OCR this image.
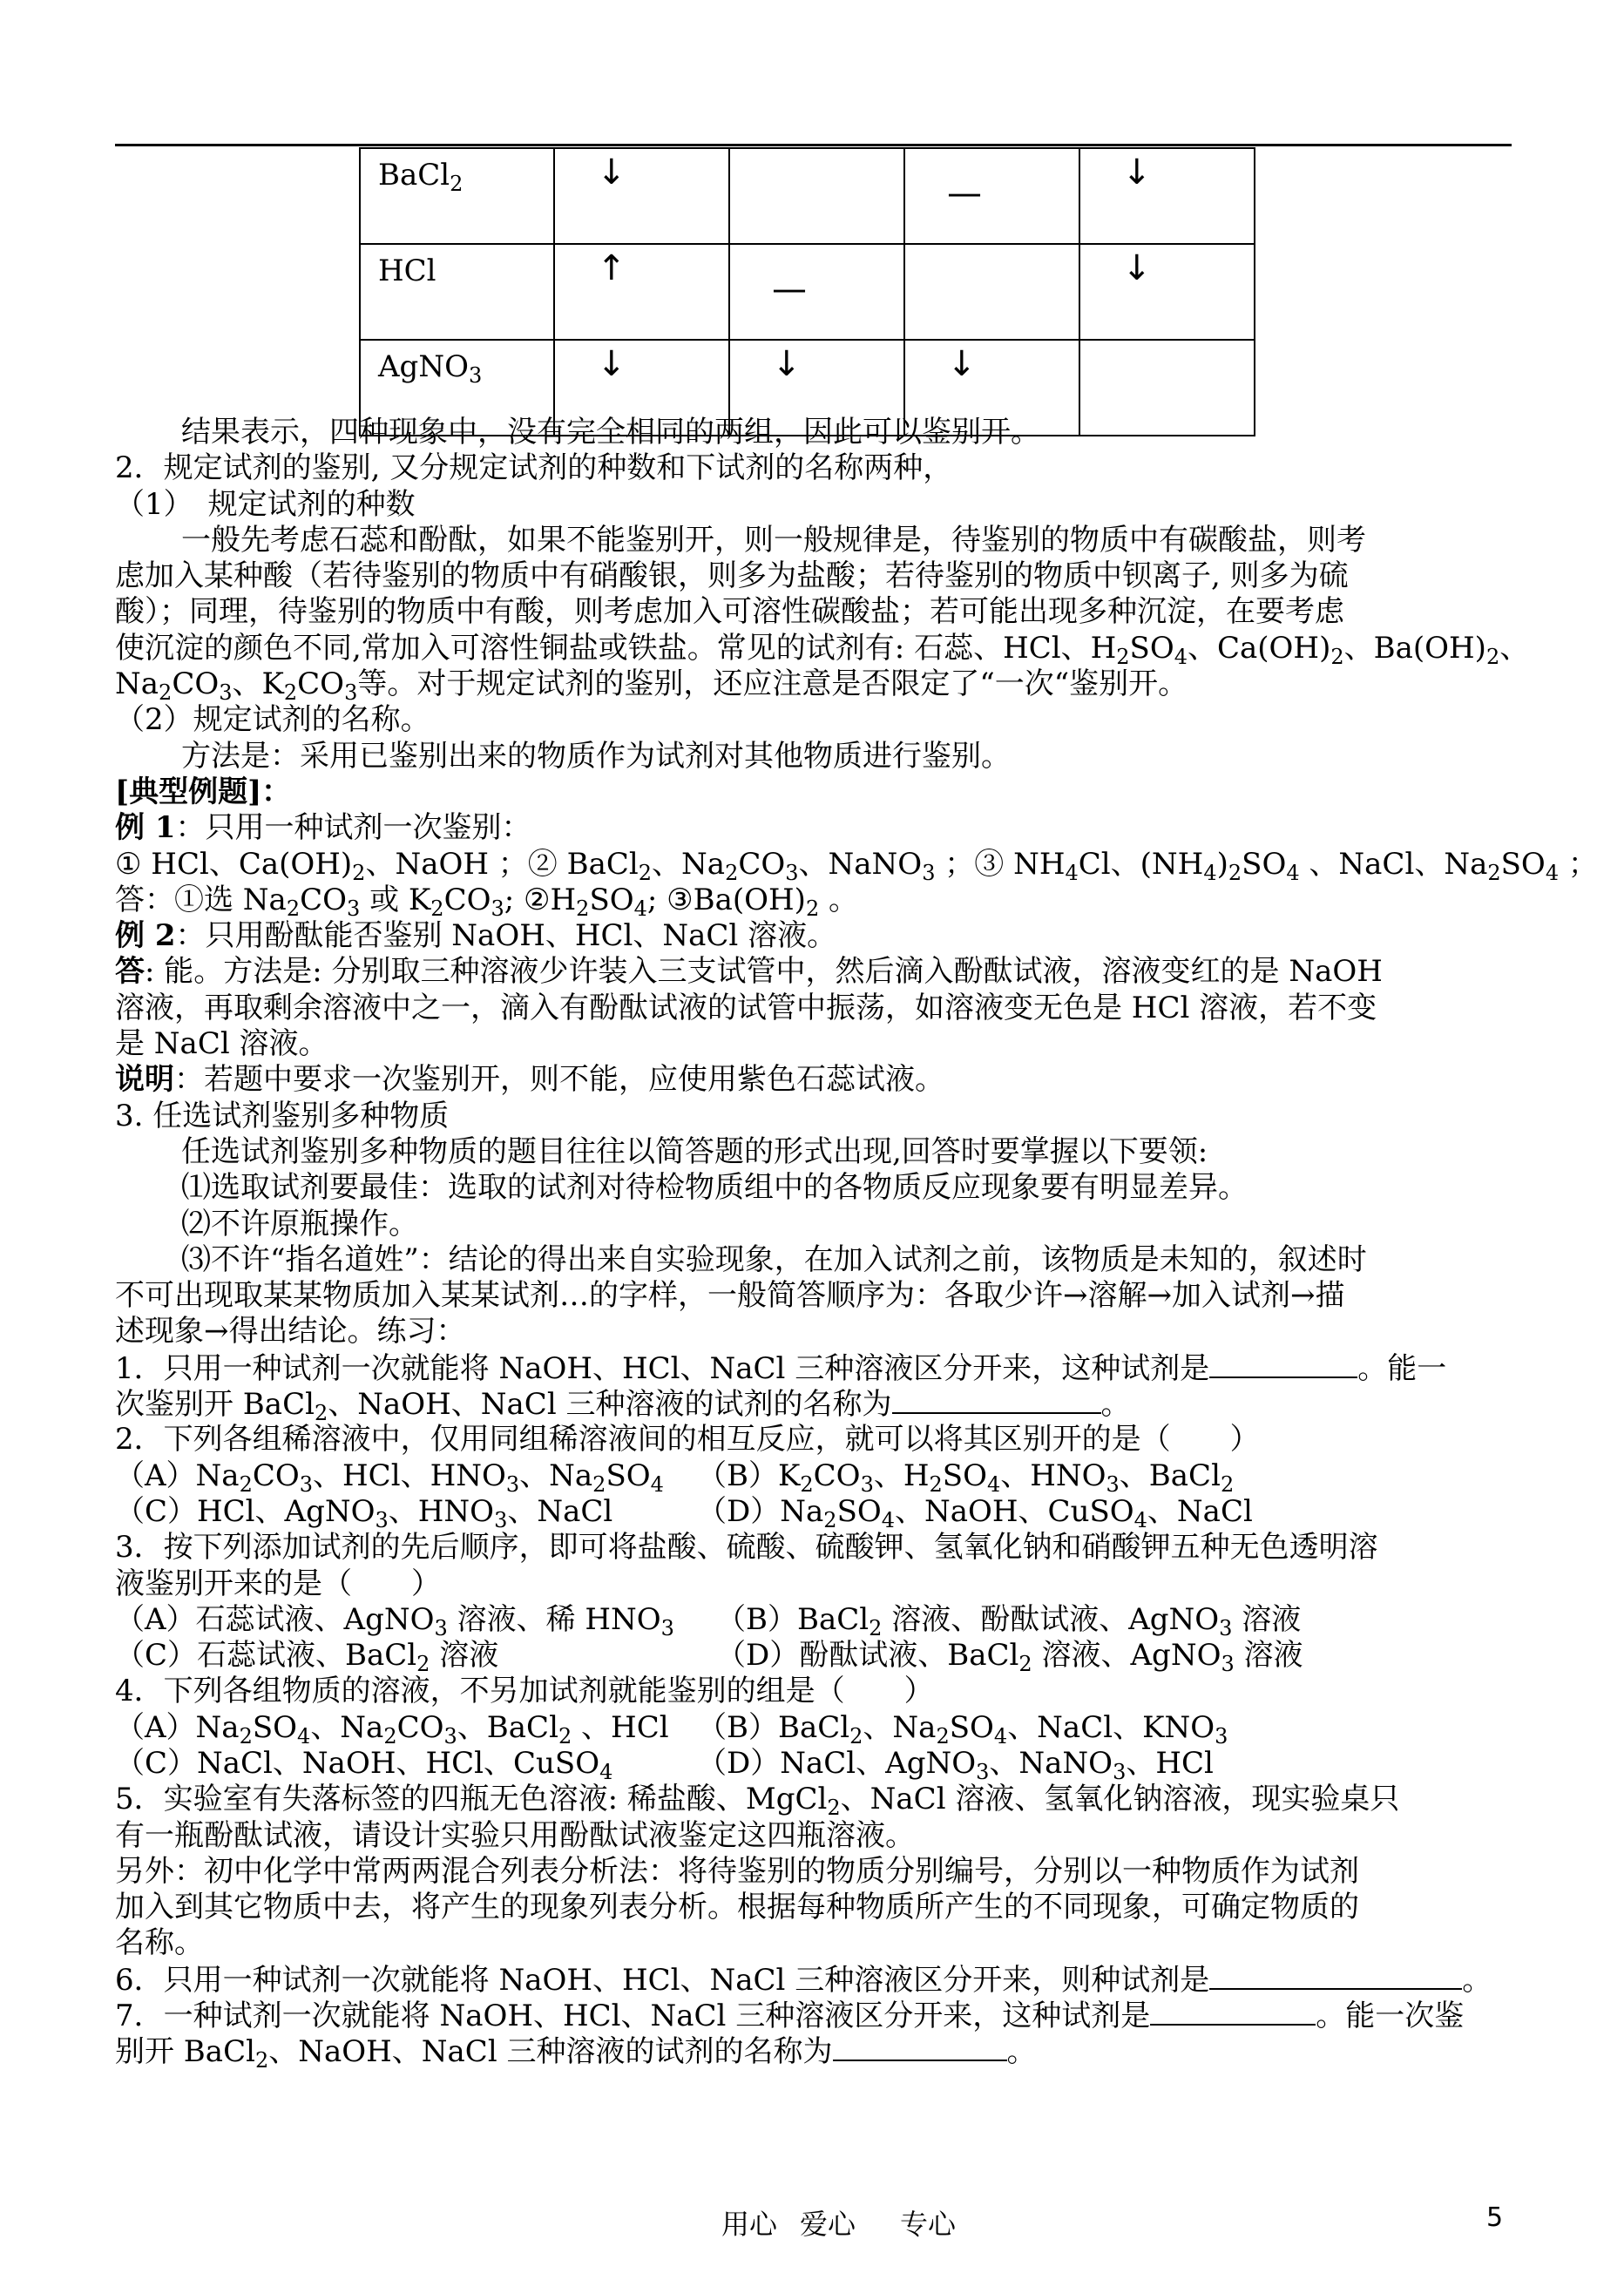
BaCl$_2$	↓		—	↓
HCl	↑	—		↓
AgNO$_3$	↓	↓	↓	
结果表示，四种现象中，没有完全相同的两组，因此可以鉴别开。
2．规定试剂的鉴别, 又分规定试剂的种数和下试剂的名称两种，
（1）　规定试剂的种数
一般先考虑石蕊和酚酞，如果不能鉴别开，则一般规律是，待鉴别的物质中有碳酸盐，则考
虑加入某种酸（若待鉴别的物质中有硝酸银，则多为盐酸；若待鉴别的物质中钡离子, 则多为硫
酸）；同理，待鉴别的物质中有酸，则考虑加入可溶性碳酸盐；若可能出现多种沉淀，在要考虑
使沉淀的颜色不同,常加入可溶性铜盐或铁盐。常见的试剂有: 石蕊、HCl、$H_2SO_4$、$Ca(OH)_2$、$Ba(OH)_2$、
$Na_2CO_3$、$K_2CO_3$等。对于规定试剂的鉴别，还应注意是否限定了“一次“鉴别开。
（2）规定试剂的名称。
方法是：采用已鉴别出来的物质作为试剂对其他物质进行鉴别。
[典型例题]：
例 1：只用一种试剂一次鉴别：
① HCl、$Ca(OH)_2$、NaOH ；② BaCl$_2$、$Na_2CO_3$、NaNO$_3$ ；③ $NH_4Cl$、$(NH_4)_2SO_4$ 、NaCl、$Na_2SO_4$ ；
答：①选 $Na_2CO_3$ 或 $K_2CO_3$; $②H_2SO_4$; $③Ba(OH)_2$ 。
例 2：只用酚酞能否鉴别 NaOH、HCl、NaCl 溶液。
答: 能。方法是: 分别取三种溶液少许装入三支试管中，然后滴入酚酞试液，溶液变红的是 NaOH
溶液，再取剩余溶液中之一，滴入有酚酞试液的试管中振荡，如溶液变无色是 HCl 溶液，若不变
是 NaCl 溶液。
说明：若题中要求一次鉴别开，则不能，应使用紫色石蕊试液。
3. 任选试剂鉴别多种物质
任选试剂鉴别多种物质的题目往往以简答题的形式出现,回答时要掌握以下要领:
⑴选取试剂要最佳：选取的试剂对待检物质组中的各物质反应现象要有明显差异。
⑵不许原瓶操作。
⑶不许“指名道姓”：结论的得出来自实验现象，在加入试剂之前，该物质是未知的，叙述时
不可出现取某某物质加入某某试剂…的字样，一般简答顺序为：各取少许→溶解→加入试剂→描
述现象→得出结论。练习：
1．只用一种试剂一次就能将 NaOH、HCl、NaCl 三种溶液区分开来，这种试剂是	。能一
次鉴别开 BaCl$_2$、NaOH、NaCl 三种溶液的试剂的名称为	。
2．下列各组稀溶液中，仅用同组稀溶液间的相互反应，就可以将其区别开的是（　　）
$(A)Na_2CO_3$、HCl、$HNO_3$、$Na_2SO_4$ $(B)K_2CO_3$、$H_2SO_4$、$HNO_3$、BaCl$_2$
（C）HCl、AgNO$_3$、$HNO_3$、NaCl	$(D)Na_2SO_4$、NaOH、CuSO$_4$、NaCl
3．按下列添加试剂的先后顺序，即可将盐酸、硫酸、硫酸钾、氢氧化钠和硝酸钾五种无色透明溶
液鉴别开来的是（　　）
（A）石蕊试液、AgNO$_3$ 溶液、稀 $HNO_3$ （B）BaCl$_2$ 溶液、酚酞试液、AgNO$_3$ 溶液
（C）石蕊试液、BaCl$_2$ 溶液	（D）酚酞试液、BaCl$_2$ 溶液、AgNO$_3$ 溶液
4．下列各组物质的溶液，不另加试剂就能鉴别的组是（　　）
$(A)Na_2SO_4$、$Na_2CO_3$、BaCl$_2$ 、HCl （B）BaCl$_2$、$Na_2SO_4$、NaCl、$KNO_3$
（C）NaCl、NaOH、HCl、CuSO$_4$	（D）NaCl、AgNO$_3$、NaNO$_3$、HCl
5．实验室有失落标签的四瓶无色溶液: 稀盐酸、MgCl$_2$、NaCl 溶液、氢氧化钠溶液，现实验桌只
有一瓶酚酞试液，请设计实验只用酚酞试液鉴定这四瓶溶液。
另外：初中化学中常两两混合列表分析法：将待鉴别的物质分别编号，分别以一种物质作为试剂
加入到其它物质中去，将产生的现象列表分析。根据每种物质所产生的不同现象，可确定物质的
名称。
6．只用一种试剂一次就能将 NaOH、HCl、NaCl 三种溶液区分开来，则种试剂是	。
7．一种试剂一次就能将 NaOH、HCl、NaCl 三种溶液区分开来，这种试剂是	。能一次鉴
别开 BaCl$_2$、NaOH、NaCl 三种溶液的试剂的名称为	。
用心 爱心 专心	5
